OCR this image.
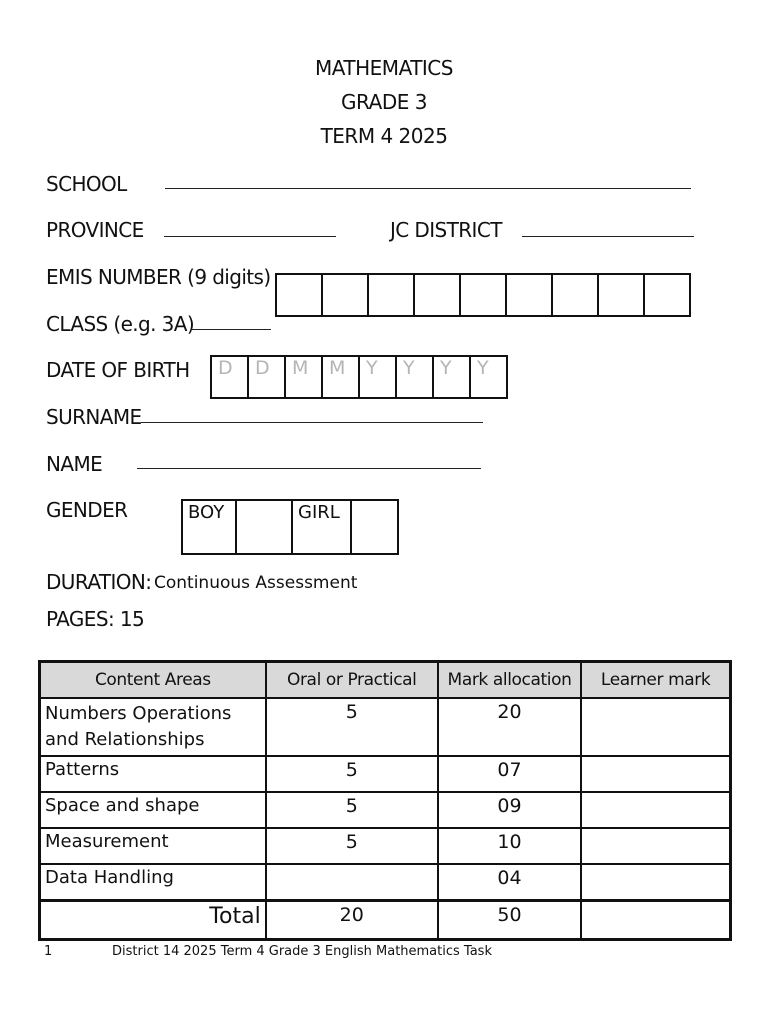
MATHEMATICS
GRADE 3
TERM 4 2025
SCHOOL
PROVINCE	JC DISTRICT
EMIS NUMBER (9 digits)
CLASS (e.g. 3A)
DATE OF BIRTH D D M M Y Y Y Y
SURNAME
NAME
GENDER	BOY	GIRL
DURATION: Continuous Assessment
PAGES: 15
Content Areas	Oral or Practical	Mark allocation	Learner mark
Numbers Operations and Relationships	5	20	
Patterns	5	07	
Space and shape	5	09	
Measurement	5	10	
Data Handling		04	
Total	20	50	
1	District 14 2025 Term 4 Grade 3 English Mathematics Task
